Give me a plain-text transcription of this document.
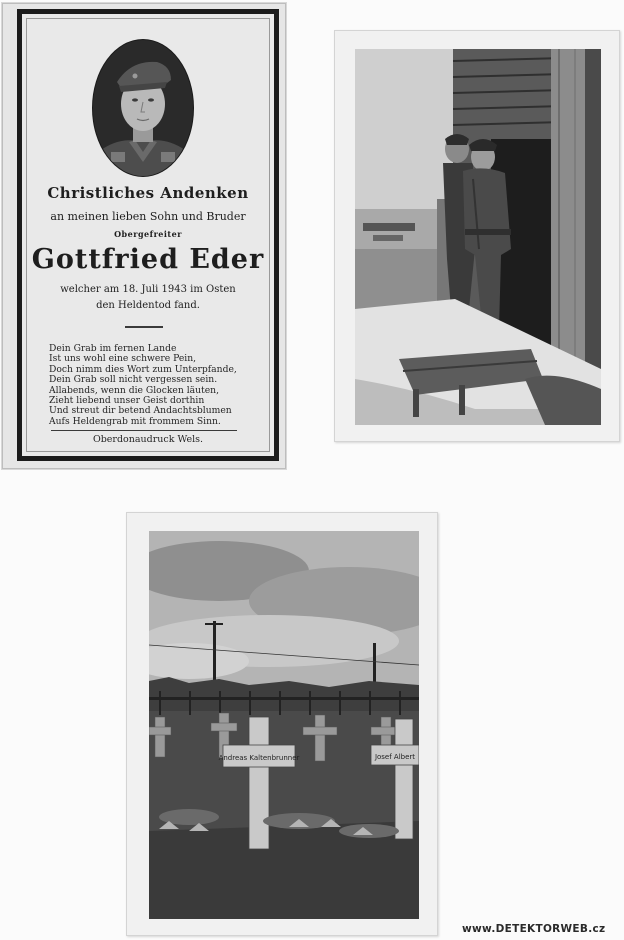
Christliches Andenken
an meinen lieben Sohn und Bruder
Obergefreiter
Gottfried Eder
welcher am 18. Juli 1943 im Osten
den Heldentod fand.
Dein Grab im fernen Lande
Ist uns wohl eine schwere Pein,
Doch nimm dies Wort zum Unterpfande,
Dein Grab soll nicht vergessen sein.
Allabends, wenn die Glocken läuten,
Zieht liebend unser Geist dorthin
Und streut dir betend Andachtsblumen
Aufs Heldengrab mit frommem Sinn.
Oberdonaudruck Wels.
Andreas Kaltenbrunner	Josef Albert
www.DETEKTORWEB.cz
